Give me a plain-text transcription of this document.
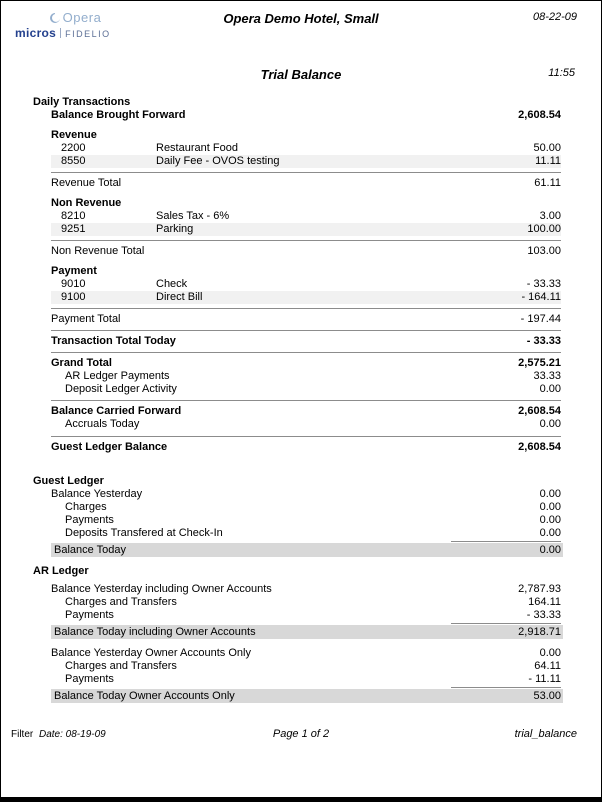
Opera
micros FIDELIO
Opera Demo Hotel, Small	08-22-09
Trial Balance	11:55
Daily Transactions
Balance Brought Forward	2,608.54
Revenue
2200	Restaurant Food	50.00
8550	Daily Fee - OVOS testing	11.11
Revenue Total	61.11
Non Revenue
8210	Sales Tax - 6%	3.00
9251	Parking	100.00
Non Revenue Total	103.00
Payment
9010	Check	- 33.33
9100	Direct Bill	- 164.11
Payment Total	- 197.44
Transaction Total Today	- 33.33
Grand Total	2,575.21
AR Ledger Payments	33.33
Deposit Ledger Activity	0.00
Balance Carried Forward	2,608.54
Accruals Today	0.00
Guest Ledger Balance	2,608.54
Guest Ledger
Balance Yesterday	0.00
Charges	0.00
Payments	0.00
Deposits Transfered at Check-In	0.00
Balance Today	0.00
AR Ledger
Balance Yesterday including Owner Accounts	2,787.93
Charges and Transfers	164.11
Payments	- 33.33
Balance Today including Owner Accounts	2,918.71
Balance Yesterday Owner Accounts Only	0.00
Charges and Transfers	64.11
Payments	- 11.11
Balance Today Owner Accounts Only	53.00
Filter Date: 08-19-09	Page 1 of 2	trial_balance
